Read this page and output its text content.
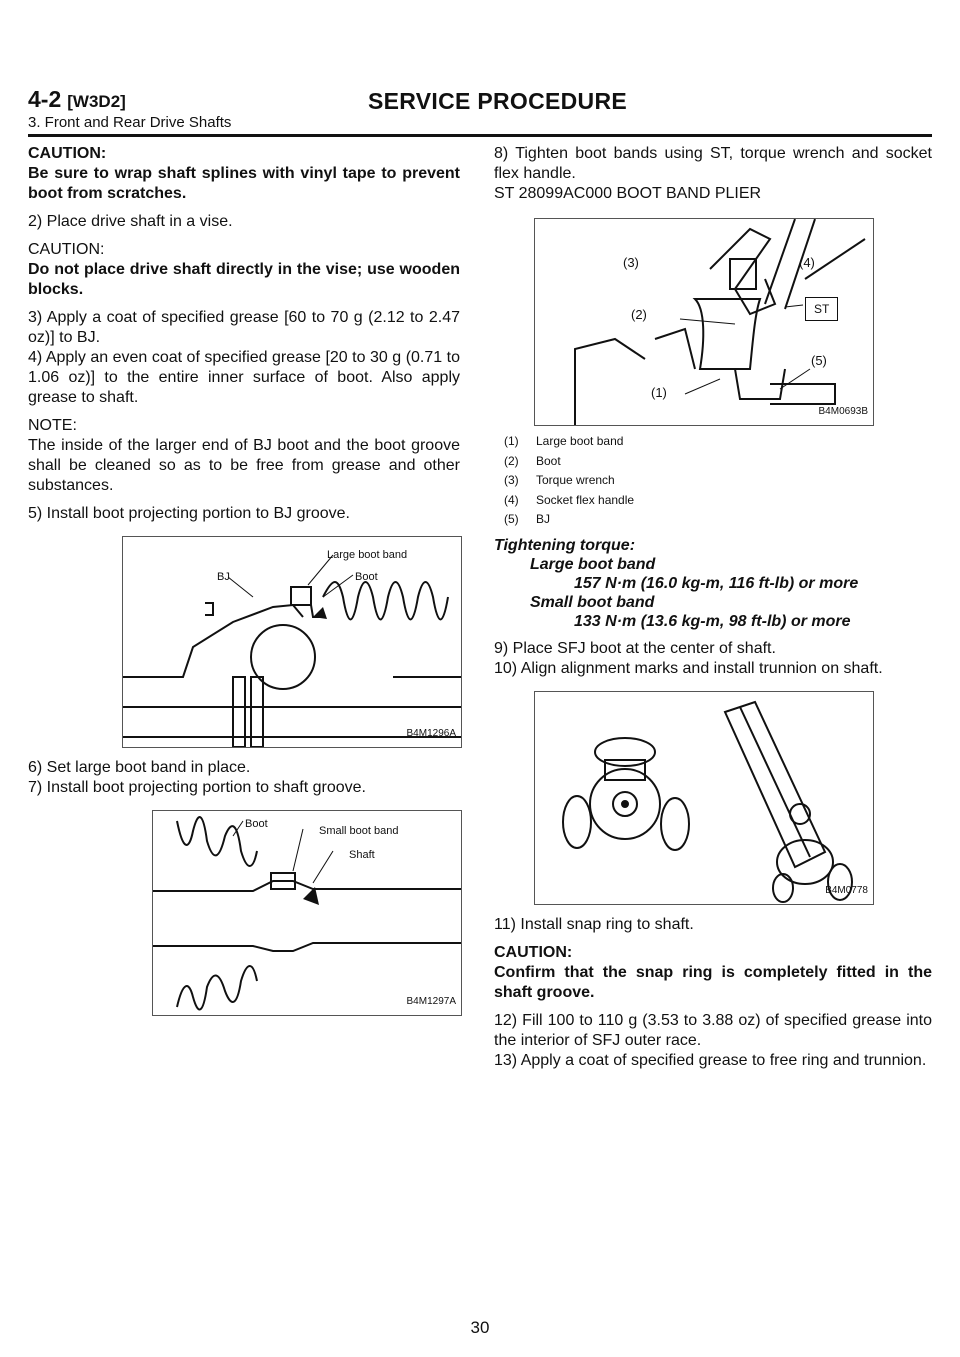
4-2 [W3D2]	SERVICE PROCEDURE
3. Front and Rear Drive Shafts

CAUTION:

Be sure to wrap shaft splines with vinyl tape to prevent boot from scratches.

2) Place drive shaft in a vise.

CAUTION:

Do not place drive shaft directly in the vise; use wooden blocks.

3) Apply a coat of specified grease [60 to 70 g (2.12 to 2.47 oz)] to BJ.

4) Apply an even coat of specified grease [20 to 30 g (0.71 to 1.06 oz)] to the entire inner surface of boot. Also apply grease to shaft.

NOTE:

The inside of the larger end of BJ boot and the boot groove shall be cleaned so as to be free from grease and other substances.

5) Install boot projecting portion to BJ groove.

BJ
Large boot band
Boot
B4M1296A

6) Set large boot band in place.

7) Install boot projecting portion to shaft groove.

Boot
Small boot band
Shaft
B4M1297A

8) Tighten boot bands using ST, torque wrench and socket flex handle.

ST 28099AC000 BOOT BAND PLIER

(3)	(4)
(2)	ST
(5)
(1)
B4M0693B
(1) Large boot band
(2) Boot
(3) Torque wrench
(4) Socket flex handle
(5) BJ
Tightening torque:
Large boot band
157 N·m (16.0 kg-m, 116 ft-lb) or more
Small boot band
133 N·m (13.6 kg-m, 98 ft-lb) or more

9) Place SFJ boot at the center of shaft.

10) Align alignment marks and install trunnion on shaft.

B4M0778

11) Install snap ring to shaft.

CAUTION:

Confirm that the snap ring is completely fitted in the shaft groove.

12) Fill 100 to 110 g (3.53 to 3.88 oz) of specified grease into the interior of SFJ outer race.

13) Apply a coat of specified grease to free ring and trunnion.

30
